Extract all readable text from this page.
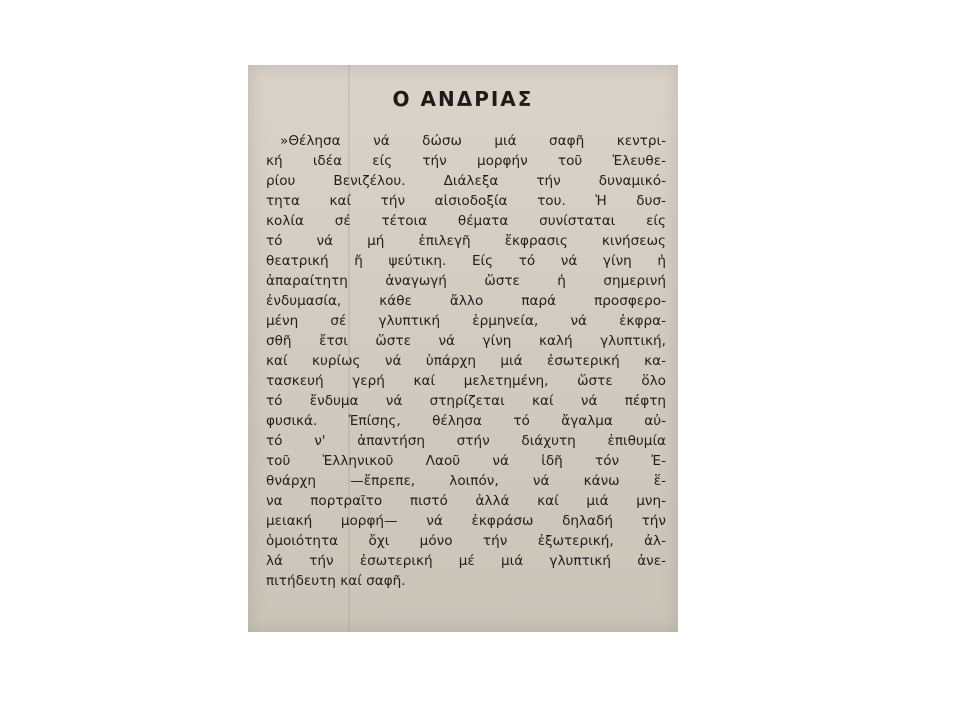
Ο ΑΝΔΡΙΑΣ
»Θέλησα νά δώσω μιά σαφῆ κεντρι-
κή ιδέα είς τήν μορφήν τοῦ Ἐλευθε-
ρίου Βενιζέλου. Διάλεξα τήν δυναμικό-
τητα καί τήν αἰσιοδοξία του. Ἡ δυσ-
κολία σέ τέτοια θέματα συνίσταται είς
τό νά μή ἐπιλεγῆ ἔκφρασις κινήσεως
θεατρική ἤ ψεύτικη. Είς τό νά γίνη ἡ
ἀπαραίτητη ἀναγωγή ὥστε ἡ σημερινή
ἐνδυμασία, κάθε ἄλλο παρά προσφερο-
μένη σέ γλυπτική ἑρμηνεία, νά ἐκφρα-
σθῆ ἔτσι ὥστε νά γίνη καλή γλυπτική,
καί κυρίως νά ὑπάρχη μιά ἐσωτερική κα-
τασκευή γερή καί μελετημένη, ὥστε ὅλο
τό ἔνδυμα νά στηρίζεται καί νά πέφτη
φυσικά. Ἐπίσης, θέλησα τό ἄγαλμα αὐ-
τό ν' ἀπαντήση στήν διάχυτη ἐπιθυμία
τοῦ Ἑλληνικοῦ Λαοῦ νά ἰδῆ τόν Ἐ-
θνάρχη —ἔπρεπε, λοιπόν, νά κάνω ἕ-
να πορτραῖτο πιστό ἀλλά καί μιά μνη-
μειακή μορφή— νά ἐκφράσω δηλαδή τήν
ὁμοιότητα ὄχι μόνο τήν ἐξωτερική, ἀλ-
λά τήν ἐσωτερική μέ μιά γλυπτική ἀνε-
πιτήδευτη καί σαφῆ.
